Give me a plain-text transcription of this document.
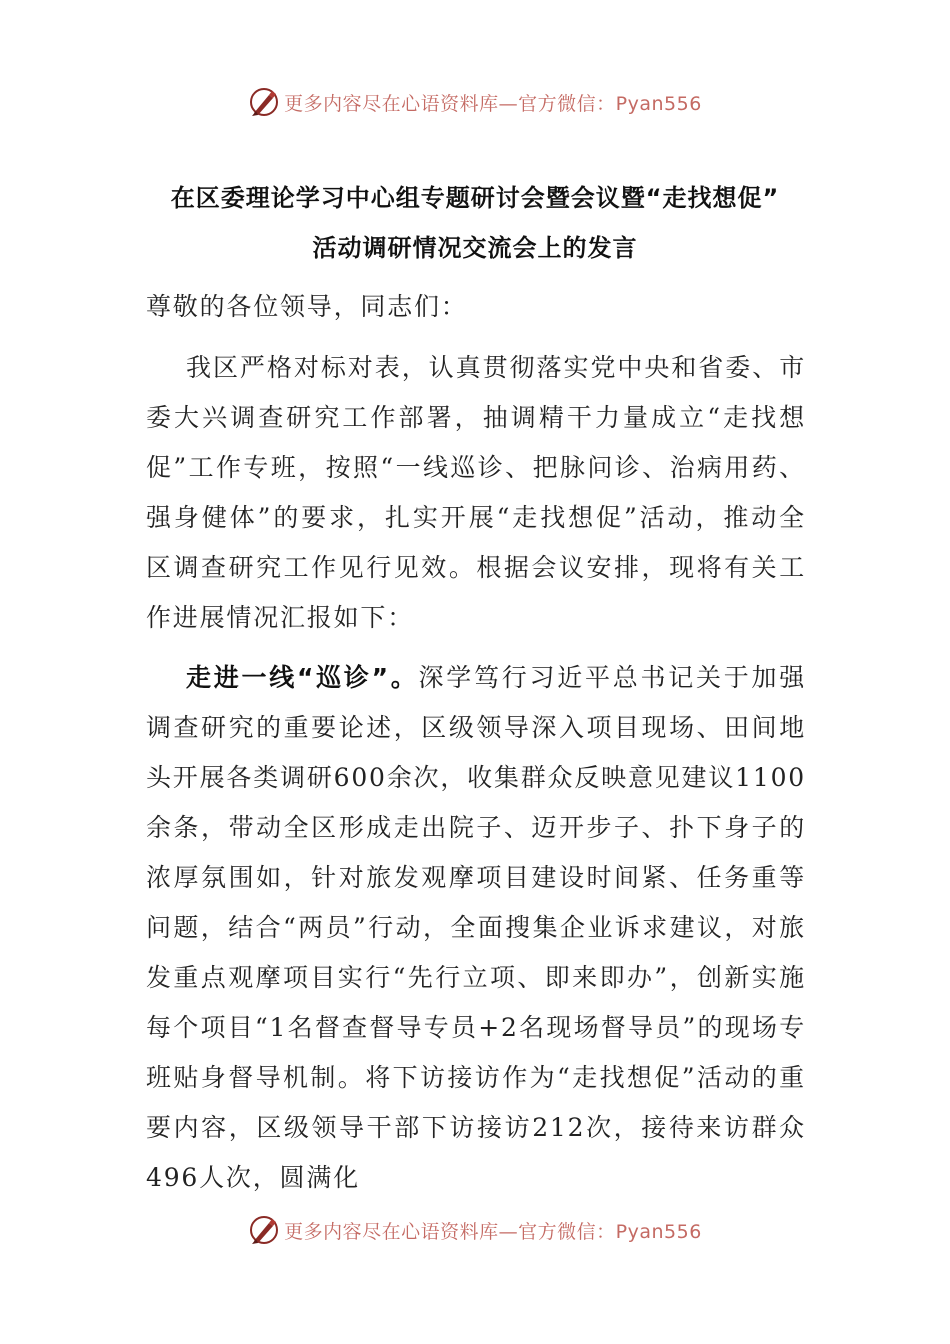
更多内容尽在心语资料库—官方微信：Pyan556
在区委理论学习中心组专题研讨会暨会议暨“走找想促”
活动调研情况交流会上的发言
尊敬的各位领导，同志们：
我区严格对标对表，认真贯彻落实党中央和省委、市委大兴调查研究工作部署，抽调精干力量成立“走找想促”工作专班，按照“一线巡诊、把脉问诊、治病用药、强身健体”的要求，扎实开展“走找想促”活动，推动全区调查研究工作见行见效。根据会议安排，现将有关工作进展情况汇报如下：
走进一线“巡诊”。深学笃行习近平总书记关于加强调查研究的重要论述，区级领导深入项目现场、田间地头开展各类调研600余次，收集群众反映意见建议1100余条，带动全区形成走出院子、迈开步子、扑下身子的浓厚氛围如，针对旅发观摩项目建设时间紧、任务重等问题，结合“两员”行动，全面搜集企业诉求建议，对旅发重点观摩项目实行“先行立项、即来即办”，创新实施每个项目“1名督查督导专员+2名现场督导员”的现场专班贴身督导机制。将下访接访作为“走找想促”活动的重要内容，区级领导干部下访接访212次，接待来访群众496人次，圆满化
更多内容尽在心语资料库—官方微信：Pyan556
